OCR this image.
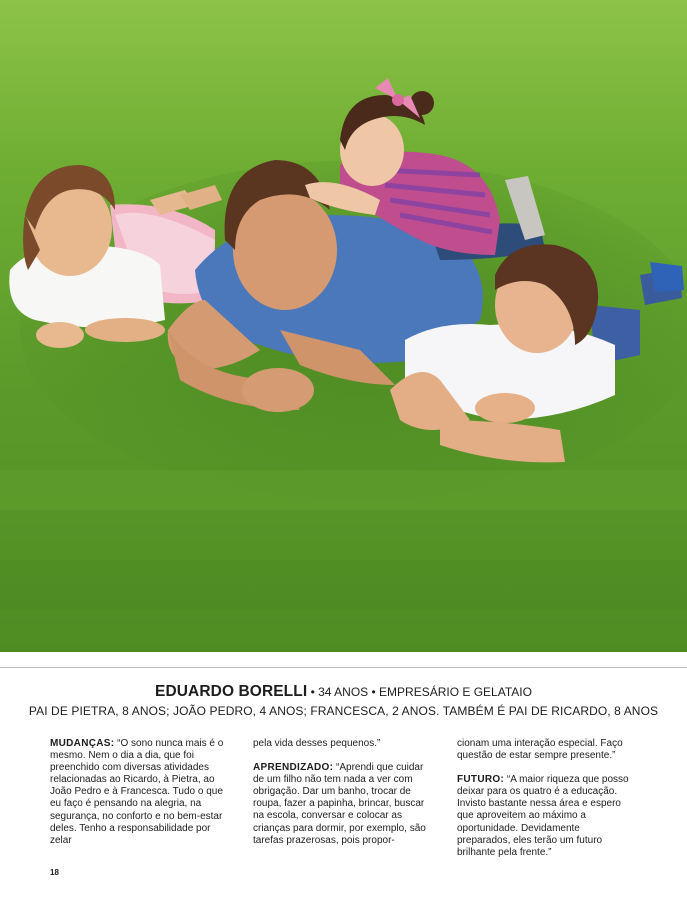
EDUARDO BORELLI • 34 ANOS • EMPRESÁRIO E GELATAIO
PAI DE PIETRA, 8 ANOS; JOÃO PEDRO, 4 ANOS; FRANCESCA, 2 ANOS. TAMBÉM É PAI DE RICARDO, 8 ANOS

MUDANÇAS: “O sono nunca mais é o mesmo. Nem o dia a dia, que foi preenchido com diversas atividades relacionadas ao Ricardo, à Pietra, ao João Pedro e à Francesca. Tudo o que eu faço é pensando na alegria, na segurança, no conforto e no bem-estar deles. Tenho a responsabilidade por zelar

pela vida desses pequenos.”

APRENDIZADO: “Aprendi que cuidar de um filho não tem nada a ver com obrigação. Dar um banho, trocar de roupa, fazer a papinha, brincar, buscar na escola, conversar e colocar as crianças para dormir, por exemplo, são tarefas prazerosas, pois propor-

cionam uma interação especial. Faço questão de estar sempre presente.”

FUTURO: “A maior riqueza que posso deixar para os quatro é a educação. Invisto bastante nessa área e espero que aproveitem ao máximo a oportunidade. Devidamente preparados, eles terão um futuro brilhante pela frente.”

18
